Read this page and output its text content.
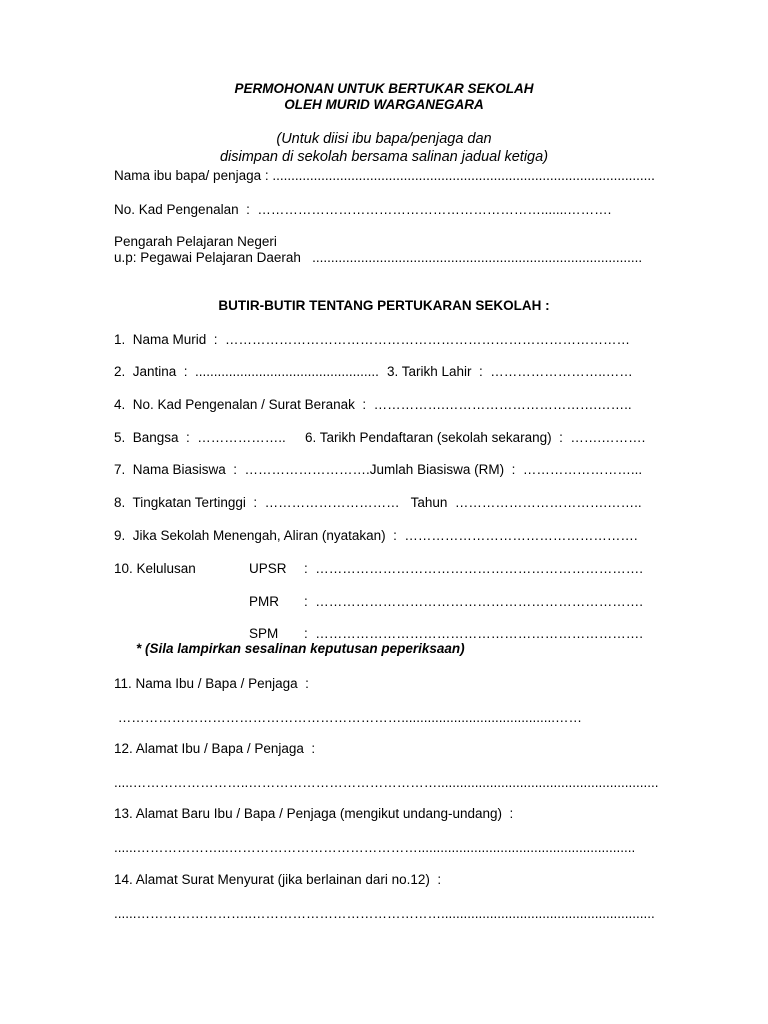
PERMOHONAN UNTUK BERTUKAR SEKOLAH
OLEH MURID WARGANEGARA
(Untuk diisi ibu bapa/penjaga dan
disimpan di sekolah bersama salinan jadual ketiga)
Nama ibu bapa/ penjaga : ......................................................................................................
No. Kad Pengenalan  :  ……………………………………………………….......……….
Pengarah Pelajaran Negeri
u.p: Pegawai Pelajaran Daerah   ........................................................................................
BUTIR-BUTIR TENTANG PERTUKARAN SEKOLAH :
1.  Nama Murid  :  ………………………………………………………………………………
2.  Jantina  :  ................................................. 3. Tarikh Lahir  :  ……………………..……
4.  No. Kad Pengenalan / Surat Beranak  :  …………….…………………………….……..
5.  Bangsa  :  ……………….. 6. Tarikh Pendaftaran (sekolah sekarang)  :  …….……….
7.  Nama Biasiswa  :  ……………………….Jumlah Biasiswa (RM)  :  ……………………...
8.  Tingkatan Tertinggi  :  …………………………   Tahun  …………………………….……..
9.  Jika Sekolah Menengah, Aliran (nyatakan)  :  …………………………………………….
10. Kelulusan	UPSR :  ……………………………………………………………….
PMR :  ……………………………………………………………….
SPM :  ……………………………………………………………….
* (Sila lampirkan sesalinan keputusan peperiksaan)
11. Nama Ibu / Bapa / Penjaga  :
……………………………………………………….........................................……
12. Alamat Ibu / Bapa / Penjaga  :
.....……………………..……………………………………...........................................................
13. Alamat Baru Ibu / Bapa / Penjaga (mengikut undang-undang)  :
......………………...……………………………………..........................................................
14. Alamat Surat Menyurat (jika berlainan dari no.12)  :
......……………………..…………………………………….........................................................
